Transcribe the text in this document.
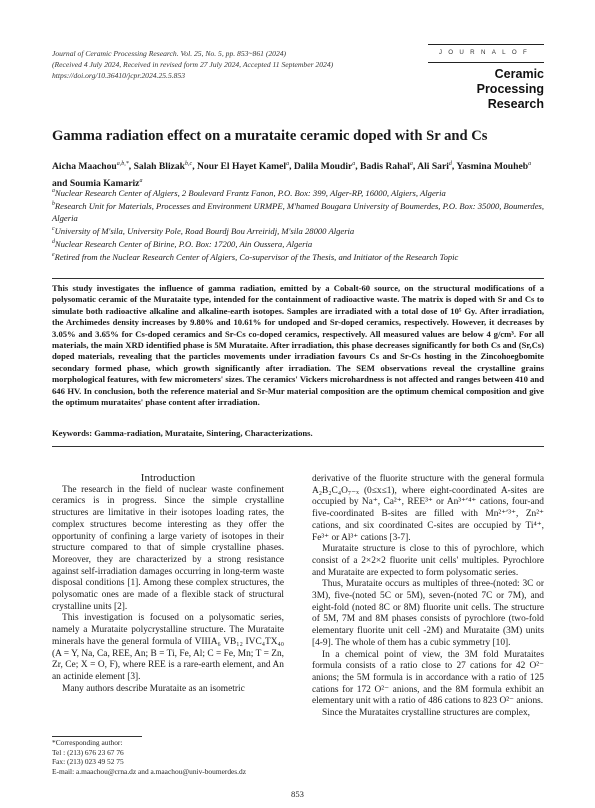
Journal of Ceramic Processing Research. Vol. 25, No. 5, pp. 853~861 (2024)
(Received 4 July 2024, Received in revised form 27 July 2024, Accepted 11 September 2024)
https://doi.org/10.36410/jcpr.2024.25.5.853
JOURNALOF
Ceramic
Processing Research
Gamma radiation effect on a murataite ceramic doped with Sr and Cs
Aicha Maachou$^{a,b,*}$, Salah Blizak$^{b,c}$, Nour El Hayet Kamel$^a$, Dalila Moudir$^a$, Badis Rahal$^a$, Ali Sari$^d$, Yasmina Mouheb$^a$
and Soumia Kamariz$^a$

$^a$Nuclear Research Center of Algiers, 2 Boulevard Frantz Fanon, P.O. Box: 399, Alger-RP, 16000, Algiers, Algeria

$^b$Research Unit for Materials, Processes and Environment URMPE, M'hamed Bougara University of Boumerdes, P.O. Box: 35000, Boumerdes, Algeria

$^c$University of M'sila, University Pole, Road Bourdj Bou Arreiridj, M'sila 28000 Algeria

$^d$Nuclear Research Center of Birine, P.O. Box: 17200, Ain Oussera, Algeria

$^e$Retired from the Nuclear Research Center of Algiers, Co-supervisor of the Thesis, and Initiator of the Research Topic

This study investigates the influence of gamma radiation, emitted by a Cobalt-60 source, on the structural modifications of a polysomatic ceramic of the Murataite type, intended for the containment of radioactive waste. The matrix is doped with Sr and Cs to simulate both radioactive alkaline and alkaline-earth isotopes. Samples are irradiated with a total dose of 10⁵ Gy. After irradiation, the Archimedes density increases by 9.80% and 10.61% for undoped and Sr-doped ceramics, respectively. However, it decreases by 3.05% and 3.65% for Cs-doped ceramics and Sr-Cs co-doped ceramics, respectively. All measured values are below 4 g/cm³. For all materials, the main XRD identified phase is 5M Murataite. After irradiation, this phase decreases significantly for both Cs and (Sr,Cs) doped materials, revealing that the particles movements under irradiation favours Cs and Sr-Cs hosting in the Zincohoegbomite secondary formed phase, which growth significantly after irradiation. The SEM observations reveal the crystalline grains morphological features, with few micrometers' sizes. The ceramics' Vickers microhardness is not affected and ranges between 410 and 646 HV. In conclusion, both the reference material and Sr-Mur material composition are the optimum chemical composition and give the optimum murataites' phase content after irradiation.
Keywords: Gamma-radiation, Murataite, Sintering, Characterizations.

Introduction

The research in the field of nuclear waste confinement ceramics is in progress. Since the simple crystalline structures are limitative in their isotopes loading rates, the complex structures become interesting as they offer the opportunity of confining a large variety of isotopes in their structure compared to that of simple crystalline phases. Moreover, they are characterized by a strong resistance against self-irradiation damages occurring in long-term waste disposal conditions [1]. Among these complex structures, the polysomatic ones are made of a flexible stack of structural crystalline units [2].

This investigation is focused on a polysomatic series, namely a Murataite polycrystalline structure. The Murataite minerals have the general formula of VIIIA₆ VB₁₂ IVC₄TX₄₀ (A = Y, Na, Ca, REE, An; B = Ti, Fe, Al; C = Fe, Mn; T = Zn, Zr, Ce; X = O, F), where REE is a rare-earth element, and An an actinide element [3].

Many authors describe Murataite as an isometric

derivative of the fluorite structure with the general formula A₂B₂C₄O₇₋ₓ (0≤x≤1), where eight-coordinated A-sites are occupied by Na⁺, Ca²⁺, REE³⁺ or An³⁺ʹ⁴⁺ cations, four-and five-coordinated B-sites are filled with Mn²⁺ʹ³⁺, Zn²⁺ cations, and six coordinated C-sites are occupied by Ti⁴⁺, Fe³⁺ or Al³⁺ cations [3-7].

Murataite structure is close to this of pyrochlore, which consist of a 2×2×2 fluorite unit cells' multiples. Pyrochlore and Murataite are expected to form polysomatic series.

Thus, Murataite occurs as multiples of three-(noted: 3C or 3M), five-(noted 5C or 5M), seven-(noted 7C or 7M), and eight-fold (noted 8C or 8M) fluorite unit cells. The structure of 5M, 7M and 8M phases consists of pyrochlore (two-fold elementary fluorite unit cell -2M) and Murataite (3M) units [4-9]. The whole of them has a cubic symmetry [10].

In a chemical point of view, the 3M fold Murataites formula consists of a ratio close to 27 cations for 42 O²⁻ anions; the 5M formula is in accordance with a ratio of 125 cations for 172 O²⁻ anions, and the 8M formula exhibit an elementary unit with a ratio of 486 cations to 823 O²⁻ anions.

Since the Murataites crystalline structures are complex,

*Corresponding author:
Tel : (213) 676 23 67 76
Fax: (213) 023 49 52 75
E-mail: a.maachou@crna.dz and a.maachou@univ-boumerdes.dz
853
